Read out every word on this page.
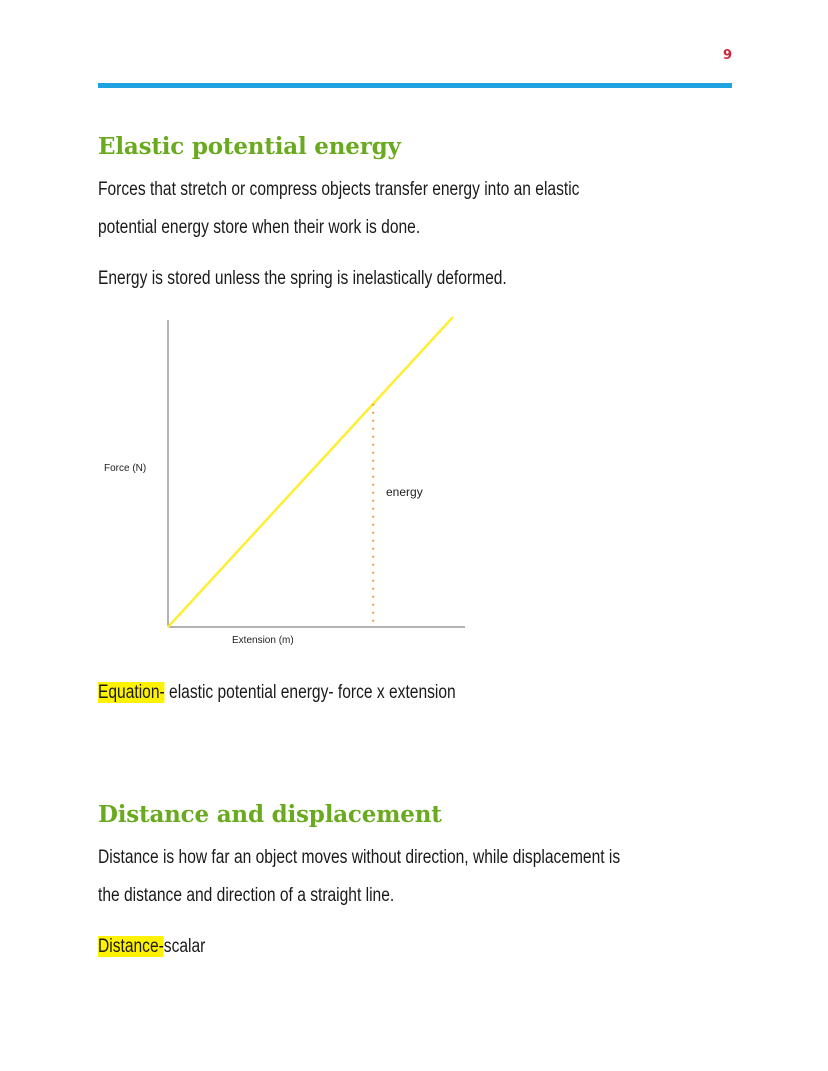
9
Elastic potential energy

Forces that stretch or compress objects transfer energy into an elastic
potential energy store when their work is done.

Energy is stored unless the spring is inelastically deformed.

Force (N)
Extension (m)
energy

Equation- elastic potential energy- force x extension

Distance and displacement

Distance is how far an object moves without direction, while displacement is
the distance and direction of a straight line.

Distance-scalar
